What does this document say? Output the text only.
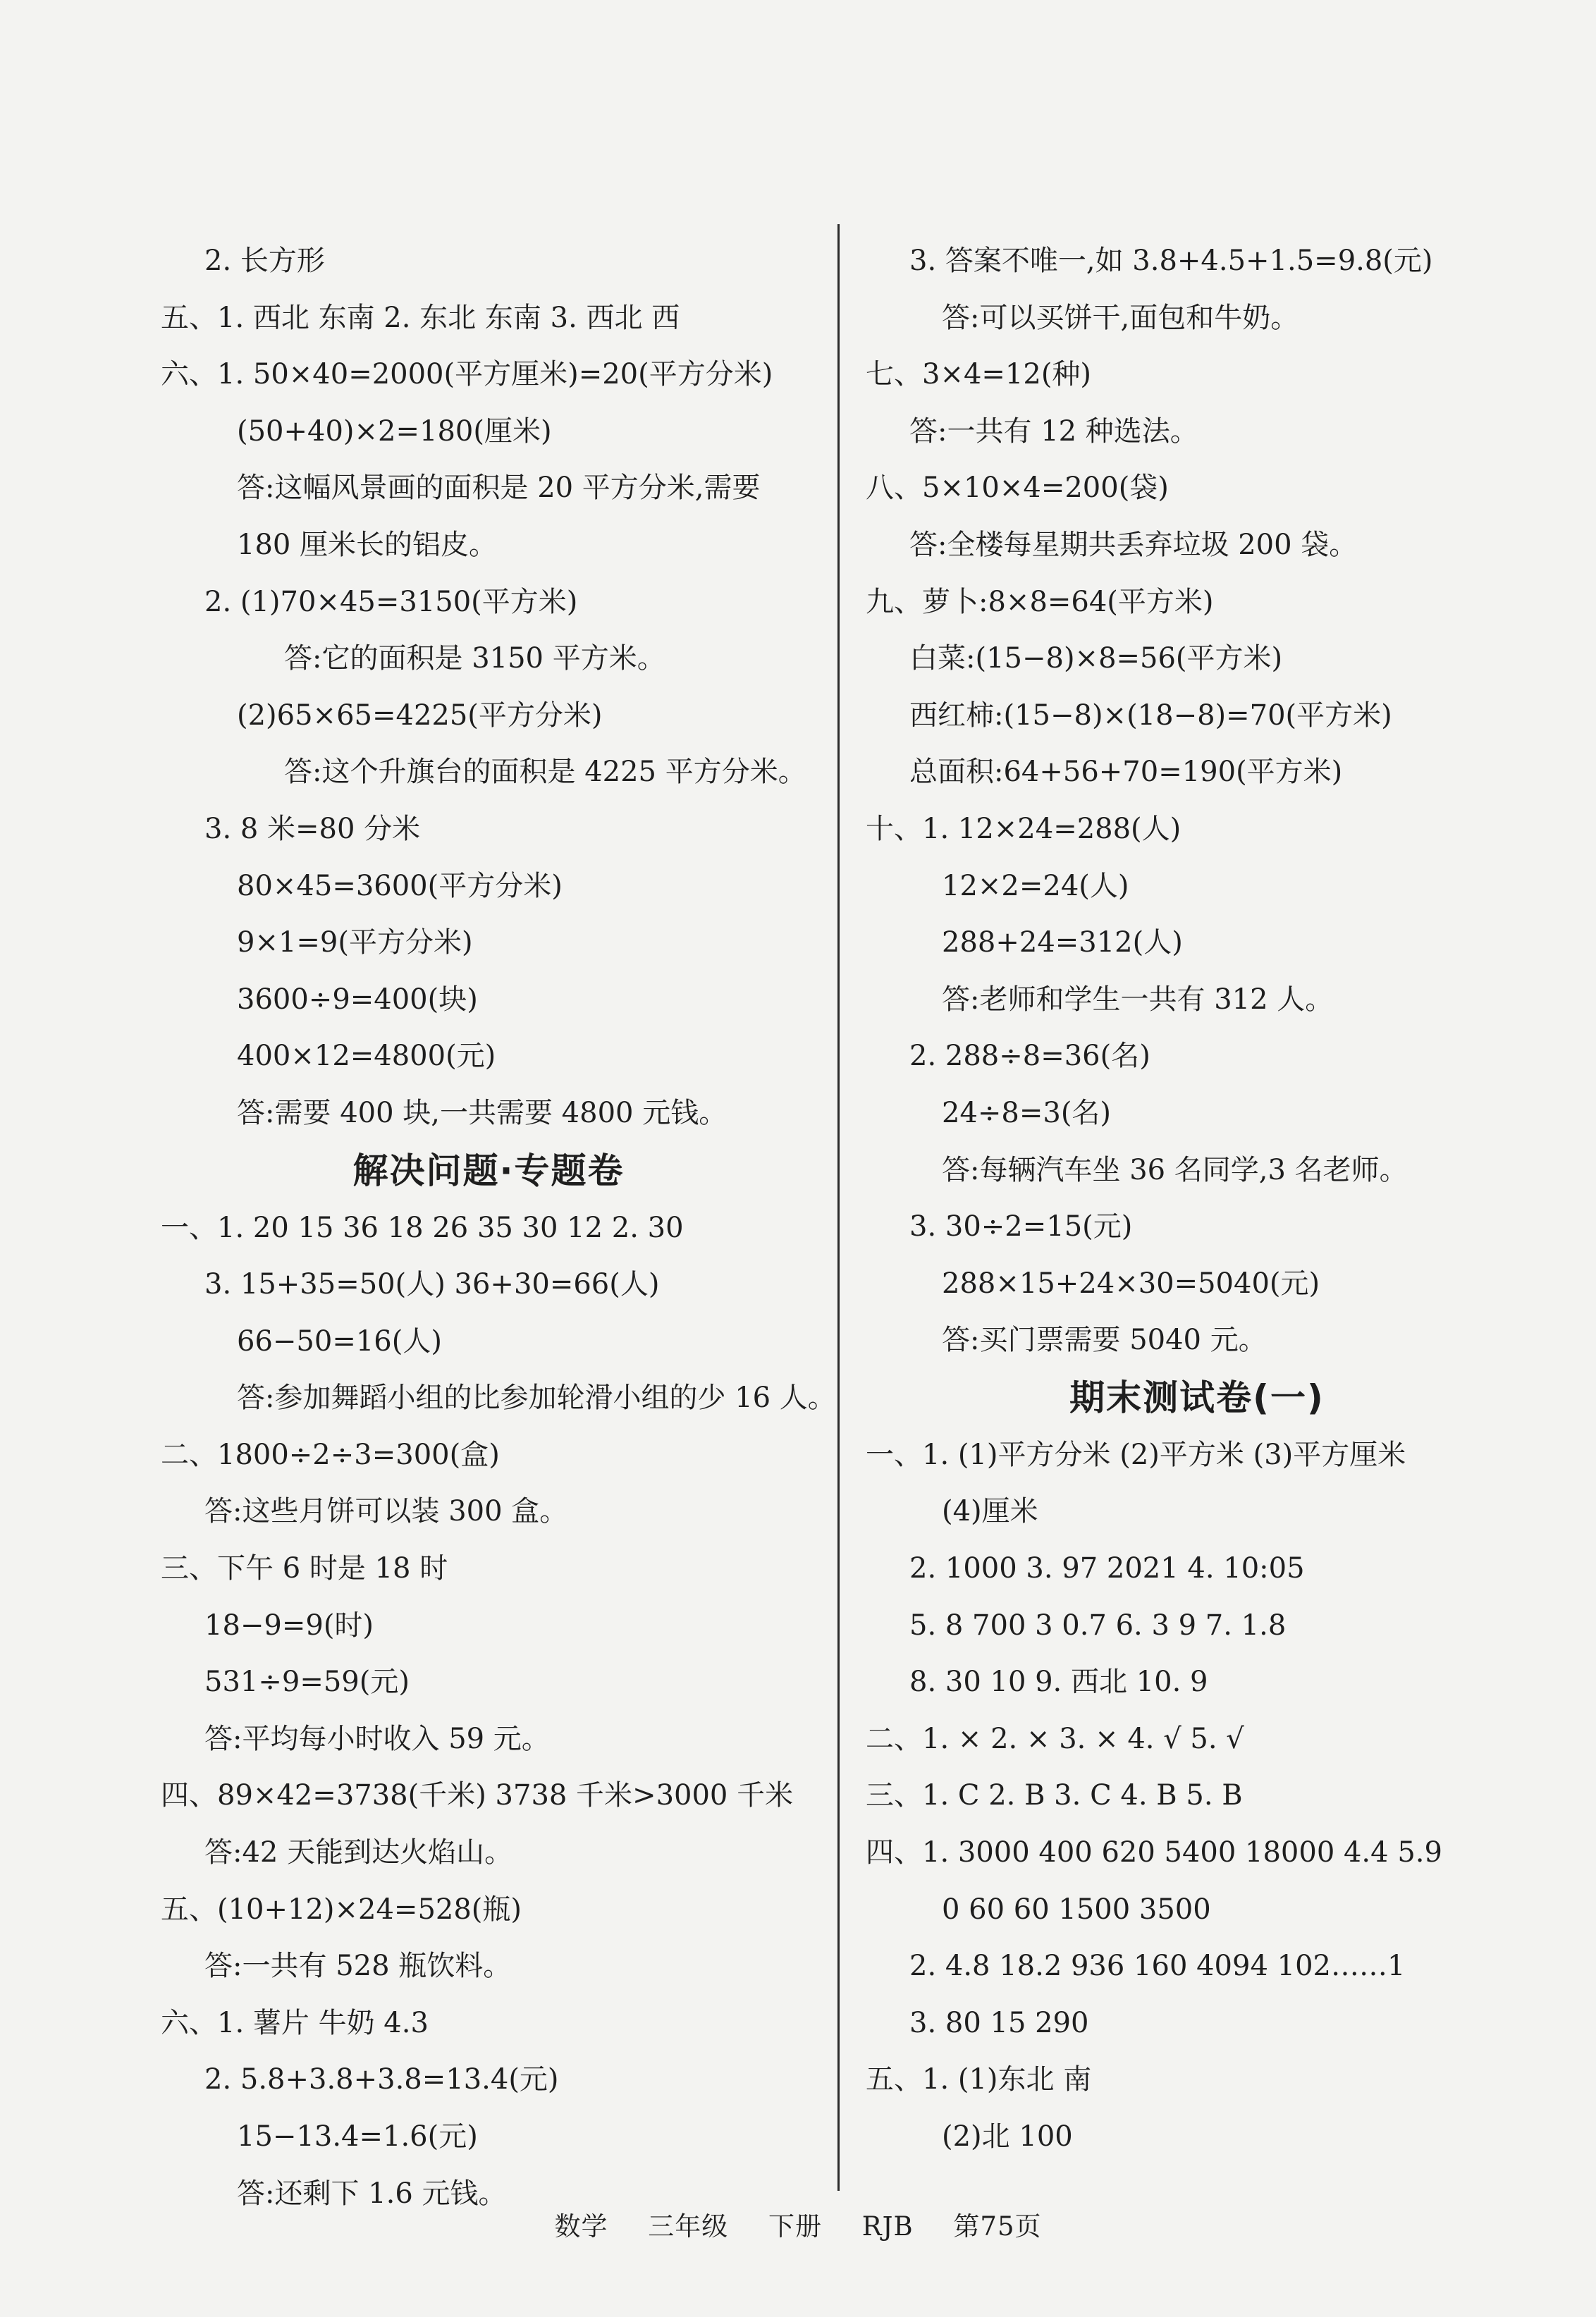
2. 长方形
五、1. 西北 东南 2. 东北 东南 3. 西北 西
六、1. 50×40=2000(平方厘米)=20(平方分米)
(50+40)×2=180(厘米)
答:这幅风景画的面积是 20 平方分米,需要
180 厘米长的铝皮。
2. (1)70×45=3150(平方米)
答:它的面积是 3150 平方米。
(2)65×65=4225(平方分米)
答:这个升旗台的面积是 4225 平方分米。
3. 8 米=80 分米
80×45=3600(平方分米)
9×1=9(平方分米)
3600÷9=400(块)
400×12=4800(元)
答:需要 400 块,一共需要 4800 元钱。
解决问题·专题卷
一、1. 20 15 36 18 26 35 30 12 2. 30
3. 15+35=50(人) 36+30=66(人)
66−50=16(人)
答:参加舞蹈小组的比参加轮滑小组的少 16 人。
二、1800÷2÷3=300(盒)
答:这些月饼可以装 300 盒。
三、下午 6 时是 18 时
18−9=9(时)
531÷9=59(元)
答:平均每小时收入 59 元。
四、89×42=3738(千米) 3738 千米>3000 千米
答:42 天能到达火焰山。
五、(10+12)×24=528(瓶)
答:一共有 528 瓶饮料。
六、1. 薯片 牛奶 4.3
2. 5.8+3.8+3.8=13.4(元)
15−13.4=1.6(元)
答:还剩下 1.6 元钱。
3. 答案不唯一,如 3.8+4.5+1.5=9.8(元)
答:可以买饼干,面包和牛奶。
七、3×4=12(种)
答:一共有 12 种选法。
八、5×10×4=200(袋)
答:全楼每星期共丢弃垃圾 200 袋。
九、萝卜:8×8=64(平方米)
白菜:(15−8)×8=56(平方米)
西红柿:(15−8)×(18−8)=70(平方米)
总面积:64+56+70=190(平方米)
十、1. 12×24=288(人)
12×2=24(人)
288+24=312(人)
答:老师和学生一共有 312 人。
2. 288÷8=36(名)
24÷8=3(名)
答:每辆汽车坐 36 名同学,3 名老师。
3. 30÷2=15(元)
288×15+24×30=5040(元)
答:买门票需要 5040 元。
期末测试卷(一)
一、1. (1)平方分米 (2)平方米 (3)平方厘米
(4)厘米
2. 1000 3. 97 2021 4. 10:05
5. 8 700 3 0.7 6. 3 9 7. 1.8
8. 30 10 9. 西北 10. 9
二、1. × 2. × 3. × 4. √ 5. √
三、1. C 2. B 3. C 4. B 5. B
四、1. 3000 400 620 5400 18000 4.4 5.9
0 60 60 1500 3500
2. 4.8 18.2 936 160 4094 102……1
3. 80 15 290
五、1. (1)东北 南
(2)北 100
数学 三年级 下册 RJB 第75页
